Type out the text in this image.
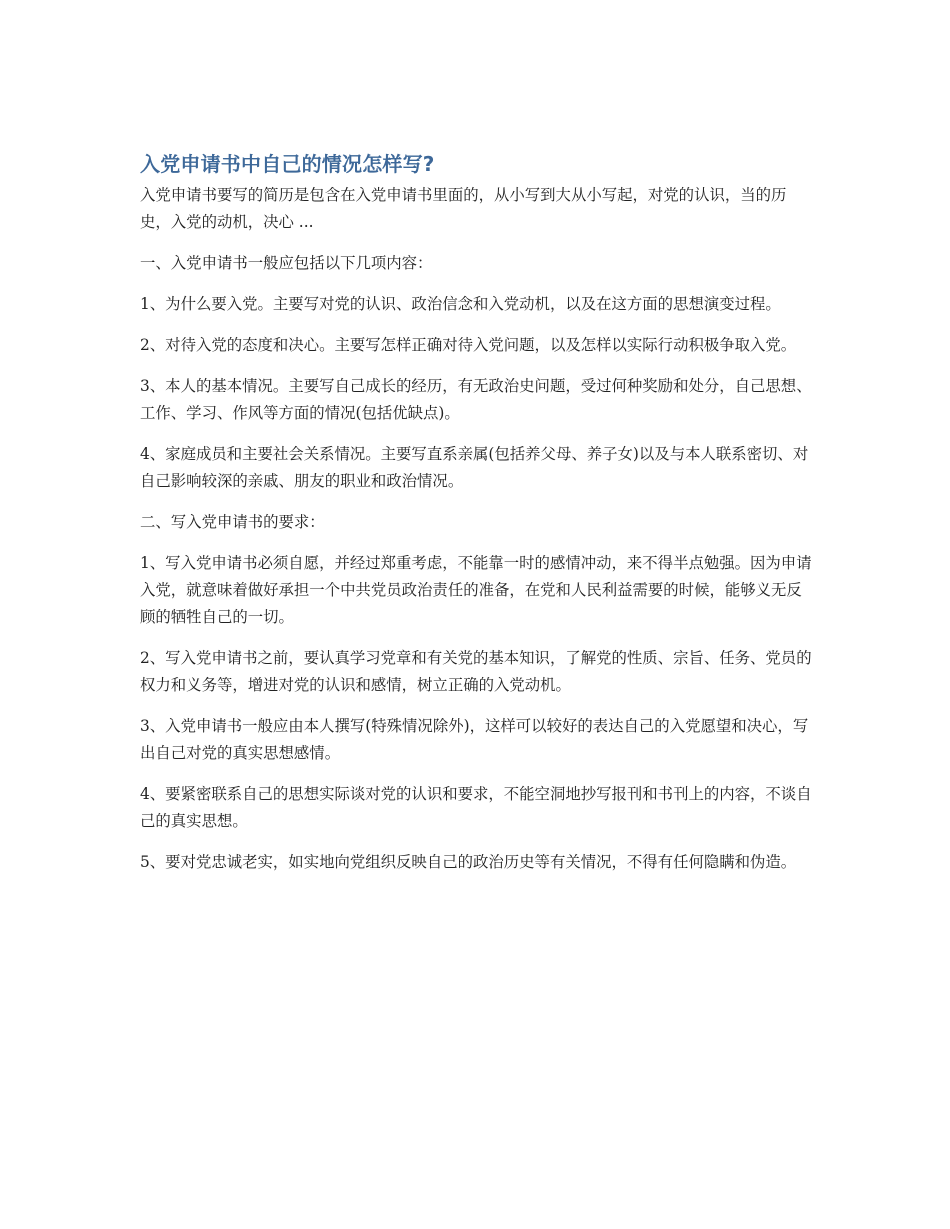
入党申请书中自己的情况怎样写?

入党申请书要写的简历是包含在入党申请书里面的，从小写到大从小写起，对党的认识，当的历史，入党的动机，决心 ...

一、入党申请书一般应包括以下几项内容：

1、为什么要入党。主要写对党的认识、政治信念和入党动机，以及在这方面的思想演变过程。

2、对待入党的态度和决心。主要写怎样正确对待入党问题，以及怎样以实际行动积极争取入党。

3、本人的基本情况。主要写自己成长的经历，有无政治史问题，受过何种奖励和处分，自己思想、工作、学习、作风等方面的情况(包括优缺点)。

4、家庭成员和主要社会关系情况。主要写直系亲属(包括养父母、养子女)以及与本人联系密切、对自己影响较深的亲戚、朋友的职业和政治情况。

二、写入党申请书的要求：

1、写入党申请书必须自愿，并经过郑重考虑，不能靠一时的感情冲动，来不得半点勉强。因为申请入党，就意味着做好承担一个中共党员政治责任的准备，在党和人民利益需要的时候，能够义无反顾的牺牲自己的一切。

2、写入党申请书之前，要认真学习党章和有关党的基本知识，了解党的性质、宗旨、任务、党员的权力和义务等，增进对党的认识和感情，树立正确的入党动机。

3、入党申请书一般应由本人撰写(特殊情况除外)，这样可以较好的表达自己的入党愿望和决心，写出自己对党的真实思想感情。

4、要紧密联系自己的思想实际谈对党的认识和要求，不能空洞地抄写报刊和书刊上的内容，不谈自己的真实思想。

5、要对党忠诚老实，如实地向党组织反映自己的政治历史等有关情况，不得有任何隐瞒和伪造。
